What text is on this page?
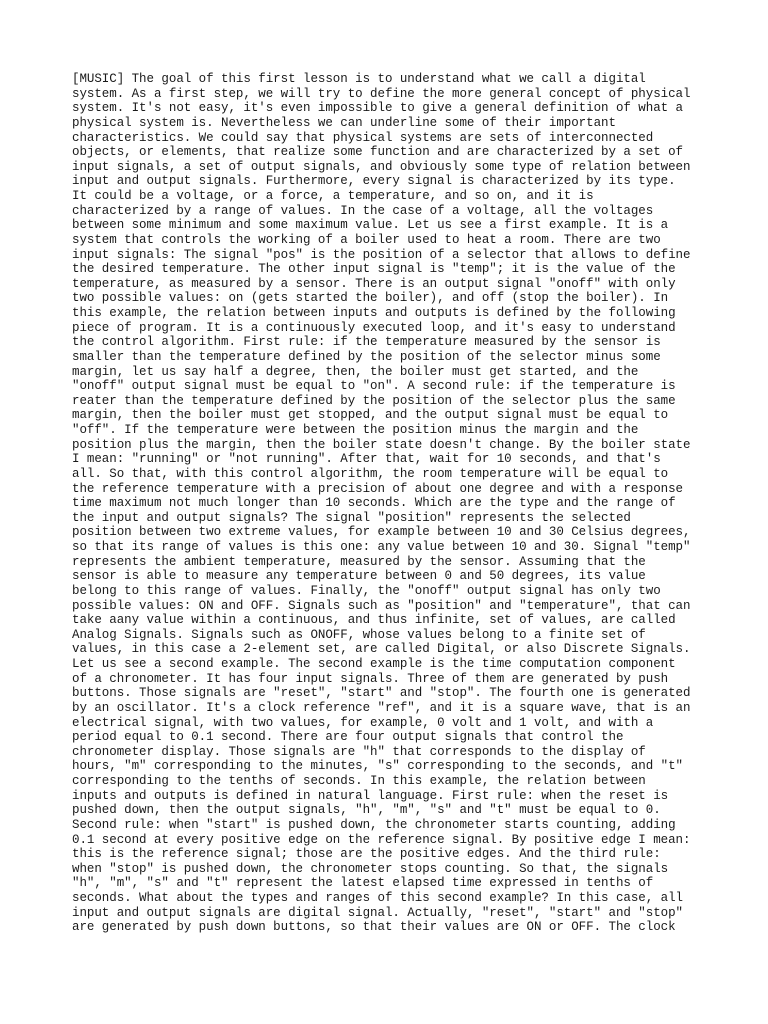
[MUSIC] The goal of this first lesson is to understand what we call a digital
system. As a first step, we will try to define the more general concept of physical
system. It's not easy, it's even impossible to give a general definition of what a
physical system is. Nevertheless we can underline some of their important
characteristics. We could say that physical systems are sets of interconnected
objects, or elements, that realize some function and are characterized by a set of
input signals, a set of output signals, and obviously some type of relation between
input and output signals. Furthermore, every signal is characterized by its type.
It could be a voltage, or a force, a temperature, and so on, and it is
characterized by a range of values. In the case of a voltage, all the voltages
between some minimum and some maximum value. Let us see a first example. It is a
system that controls the working of a boiler used to heat a room. There are two
input signals: The signal "pos" is the position of a selector that allows to define
the desired temperature. The other input signal is "temp"; it is the value of the
temperature, as measured by a sensor. There is an output signal "onoff" with only
two possible values: on (gets started the boiler), and off (stop the boiler). In
this example, the relation between inputs and outputs is defined by the following
piece of program. It is a continuously executed loop, and it's easy to understand
the control algorithm. First rule: if the temperature measured by the sensor is
smaller than the temperature defined by the position of the selector minus some
margin, let us say half a degree, then, the boiler must get started, and the
"onoff" output signal must be equal to "on". A second rule: if the temperature is
reater than the temperature defined by the position of the selector plus the same
margin, then the boiler must get stopped, and the output signal must be equal to
"off". If the temperature were between the position minus the margin and the
position plus the margin, then the boiler state doesn't change. By the boiler state
I mean: "running" or "not running". After that, wait for 10 seconds, and that's
all. So that, with this control algorithm, the room temperature will be equal to
the reference temperature with a precision of about one degree and with a response
time maximum not much longer than 10 seconds. Which are the type and the range of
the input and output signals? The signal "position" represents the selected
position between two extreme values, for example between 10 and 30 Celsius degrees,
so that its range of values is this one: any value between 10 and 30. Signal "temp"
represents the ambient temperature, measured by the sensor. Assuming that the
sensor is able to measure any temperature between 0 and 50 degrees, its value
belong to this range of values. Finally, the "onoff" output signal has only two
possible values: ON and OFF. Signals such as "position" and "temperature", that can
take aany value within a continuous, and thus infinite, set of values, are called
Analog Signals. Signals such as ONOFF, whose values belong to a finite set of
values, in this case a 2-element set, are called Digital, or also Discrete Signals.
Let us see a second example. The second example is the time computation component
of a chronometer. It has four input signals. Three of them are generated by push
buttons. Those signals are "reset", "start" and "stop". The fourth one is generated
by an oscillator. It's a clock reference "ref", and it is a square wave, that is an
electrical signal, with two values, for example, 0 volt and 1 volt, and with a
period equal to 0.1 second. There are four output signals that control the
chronometer display. Those signals are "h" that corresponds to the display of
hours, "m" corresponding to the minutes, "s" corresponding to the seconds, and "t"
corresponding to the tenths of seconds. In this example, the relation between
inputs and outputs is defined in natural language. First rule: when the reset is
pushed down, then the output signals, "h", "m", "s" and "t" must be equal to 0.
Second rule: when "start" is pushed down, the chronometer starts counting, adding
0.1 second at every positive edge on the reference signal. By positive edge I mean:
this is the reference signal; those are the positive edges. And the third rule:
when "stop" is pushed down, the chronometer stops counting. So that, the signals
"h", "m", "s" and "t" represent the latest elapsed time expressed in tenths of
seconds. What about the types and ranges of this second example? In this case, all
input and output signals are digital signal. Actually, "reset", "start" and "stop"
are generated by push down buttons, so that their values are ON or OFF. The clock
